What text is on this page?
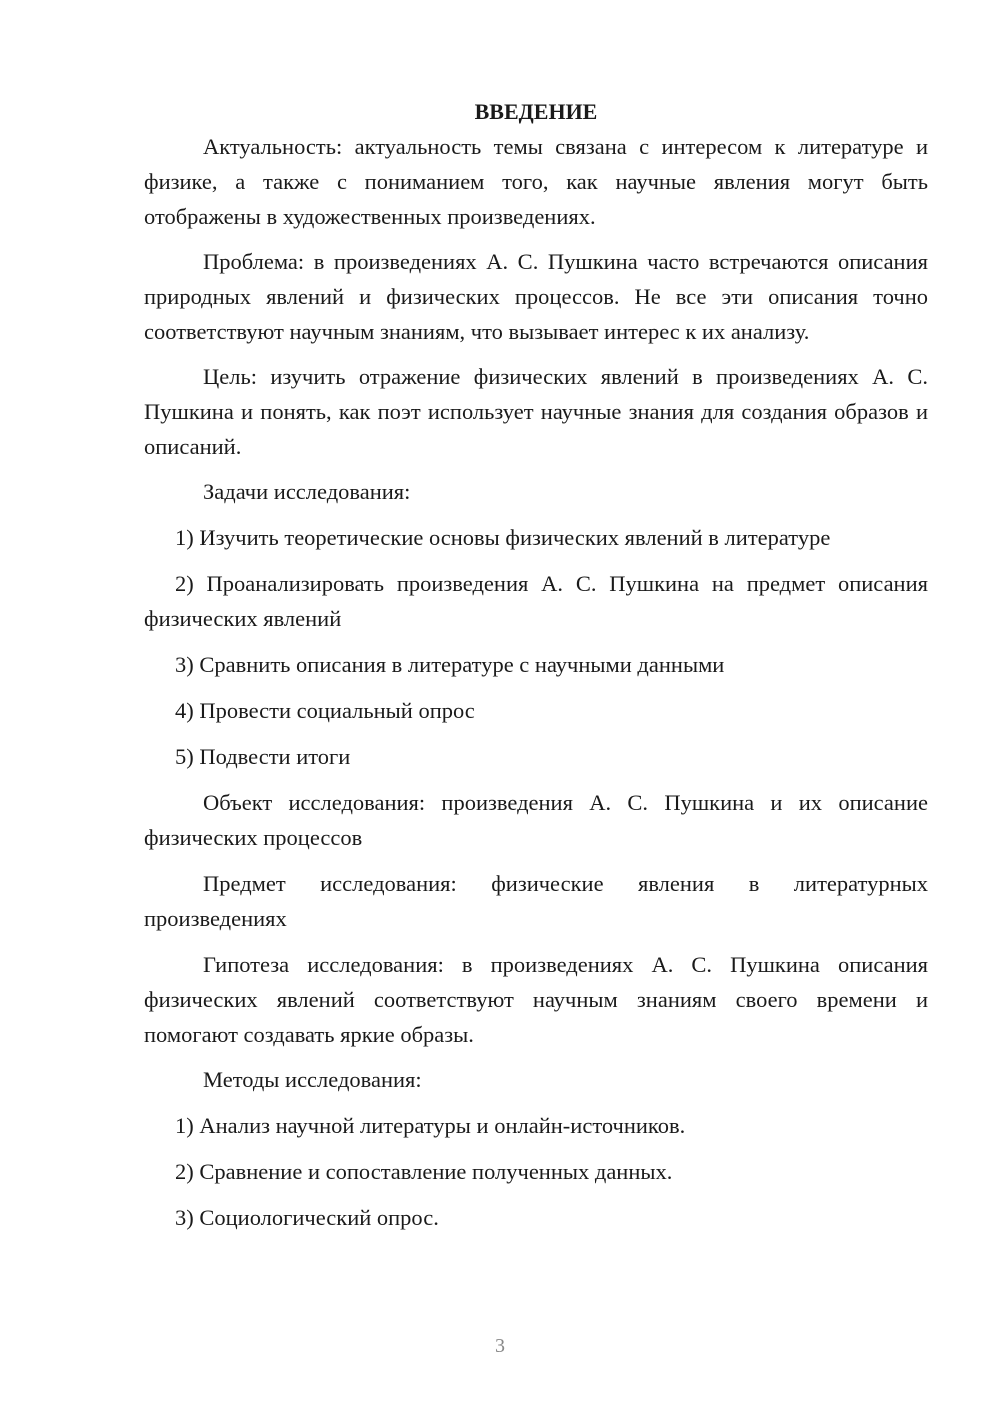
ВВЕДЕНИЕ

Актуальность: актуальность темы связана с интересом к литературе и физике, а также с пониманием того, как научные явления могут быть отображены в художественных произведениях.

Проблема: в произведениях А. С. Пушкина часто встречаются описания природных явлений и физических процессов. Не все эти описания точно соответствуют научным знаниям, что вызывает интерес к их анализу.

Цель: изучить отражение физических явлений в произведениях А. С. Пушкина и понять, как поэт использует научные знания для создания образов и описаний.

Задачи исследования:

1) Изучить теоретические основы физических явлений в литературе

2) Проанализировать произведения А. С. Пушкина на предмет описания физических явлений

3) Сравнить описания в литературе с научными данными

4) Провести социальный опрос

5) Подвести итоги

Объект исследования: произведения А. С. Пушкина и их описание физических процессов

Предмет исследования: физические явления в литературных произведениях

Гипотеза исследования: в произведениях А. С. Пушкина описания физических явлений соответствуют научным знаниям своего времени и помогают создавать яркие образы.

Методы исследования:

1) Анализ научной литературы и онлайн-источников.

2) Сравнение и сопоставление полученных данных.

3) Социологический опрос.

3
